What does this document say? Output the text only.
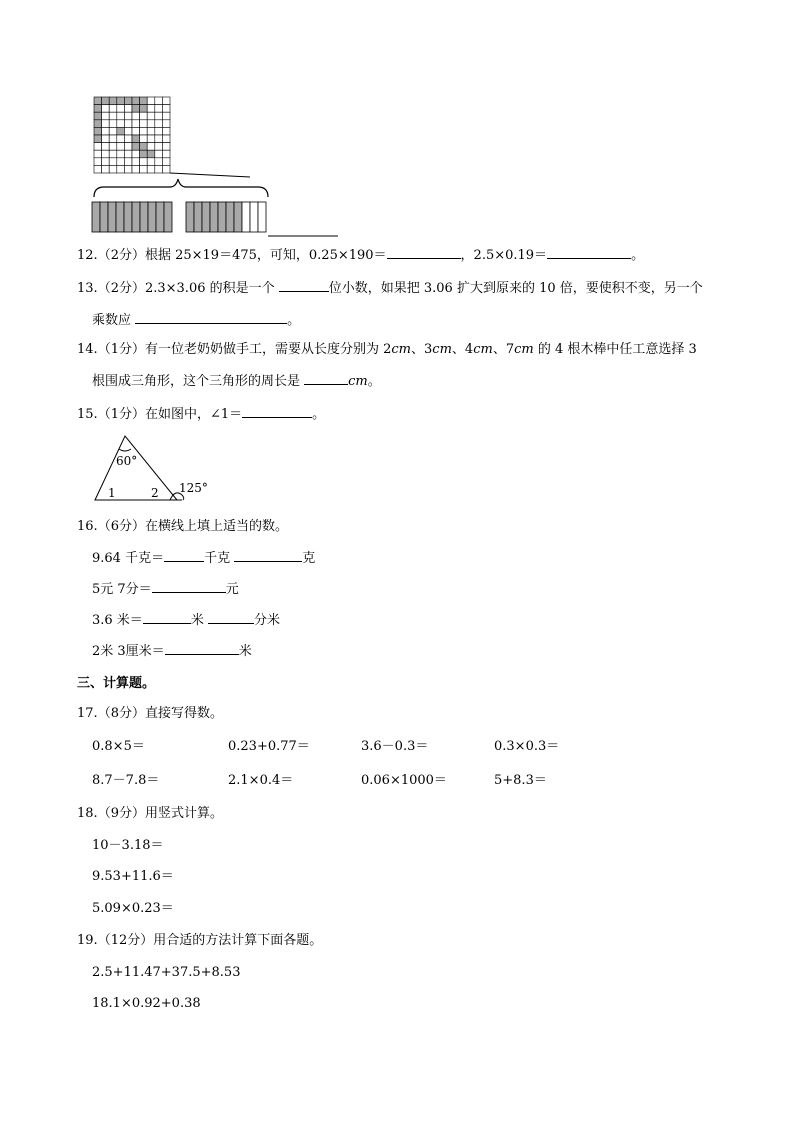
12.（2分）根据 25×19＝475，可知，0.25×190＝	，2.5×0.19＝	。
13.（2分）2.3×3.06 的积是一个	位小数，如果把 3.06 扩大到原来的 10 倍，要使积不变，另一个
乘数应	。
14.（1分）有一位老奶奶做手工，需要从长度分别为 2cm、3cm、4cm、7cm 的 4 根木棒中任工意选择 3
根围成三角形，这个三角形的周长是	cm。
15.（1分）在如图中，∠1＝	。
60°
1	2 125°
16.（6分）在横线上填上适当的数。
9.64 千克＝	千克	克
5元 7分＝	元
3.6 米＝	米	分米
2米 3厘米＝	米
三、计算题。
17.（8分）直接写得数。
0.8×5＝	0.23+0.77＝	3.6－0.3＝	0.3×0.3＝
8.7－7.8＝	2.1×0.4＝	0.06×1000＝	5+8.3＝
18.（9分）用竖式计算。
10－3.18＝
9.53+11.6＝
5.09×0.23＝
19.（12分）用合适的方法计算下面各题。
2.5+11.47+37.5+8.53
18.1×0.92+0.38
